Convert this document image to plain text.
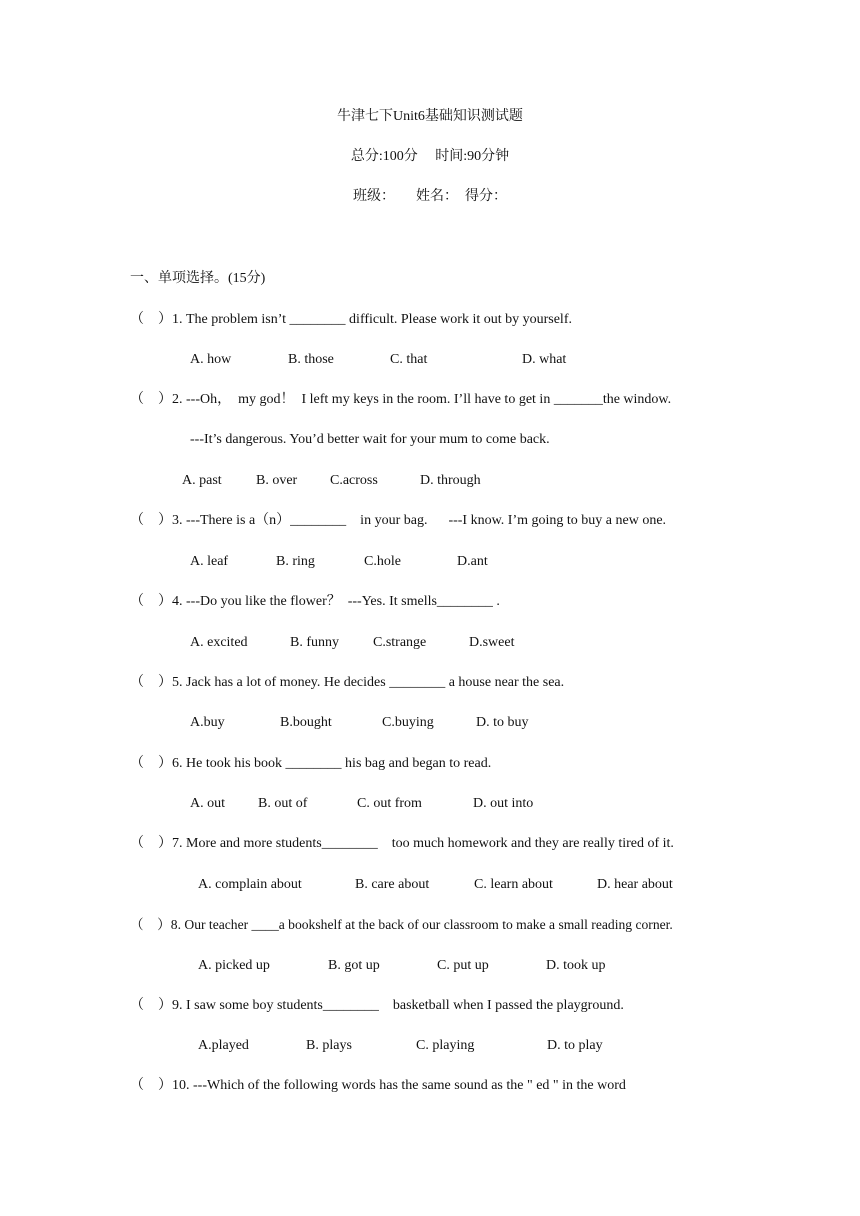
牛津七下Unit6基础知识测试题
总分:100分　 时间:90分钟
班级：　　姓名：　得分：
一、单项选择。(15分)
（　）1. The problem isn’t ________ difficult. Please work it out by yourself.
A. how	B. those	C. that	D. what
（　）2. ---Oh，  my god！  I left my keys in the room. I’ll have to get in _______the window.
---It’s dangerous. You’d better wait for your mum to come back.
A. past B. over C.across	D. through
（　）3. ---There is a（n）________    in your bag.      ---I know. I’m going to buy a new one.
A. leaf	B. ring	C.hole	D.ant
（　）4. ---Do you like the flower？  ---Yes. It smells________ .
A. excited	B. funny C.strange	D.sweet
（　）5. Jack has a lot of money. He decides ________ a house near the sea.
A.buy	B.bought	C.buying	D. to buy
（　）6. He took his book ________ his bag and began to read.
A. out B. out of	C. out from	D. out into
（　）7. More and more students________    too much homework and they are really tired of it.
A. complain about	B. care about	C. learn about	D. hear about
（　）8. Our teacher ____a bookshelf at the back of our classroom to make a small reading corner.
A. picked up	B. got up	C. put up	D. took up
（　）9. I saw some boy students________    basketball when I passed the playground.
A.played	B. plays	C. playing	D. to play
（　）10. ---Which of the following words has the same sound as the " ed " in the word
